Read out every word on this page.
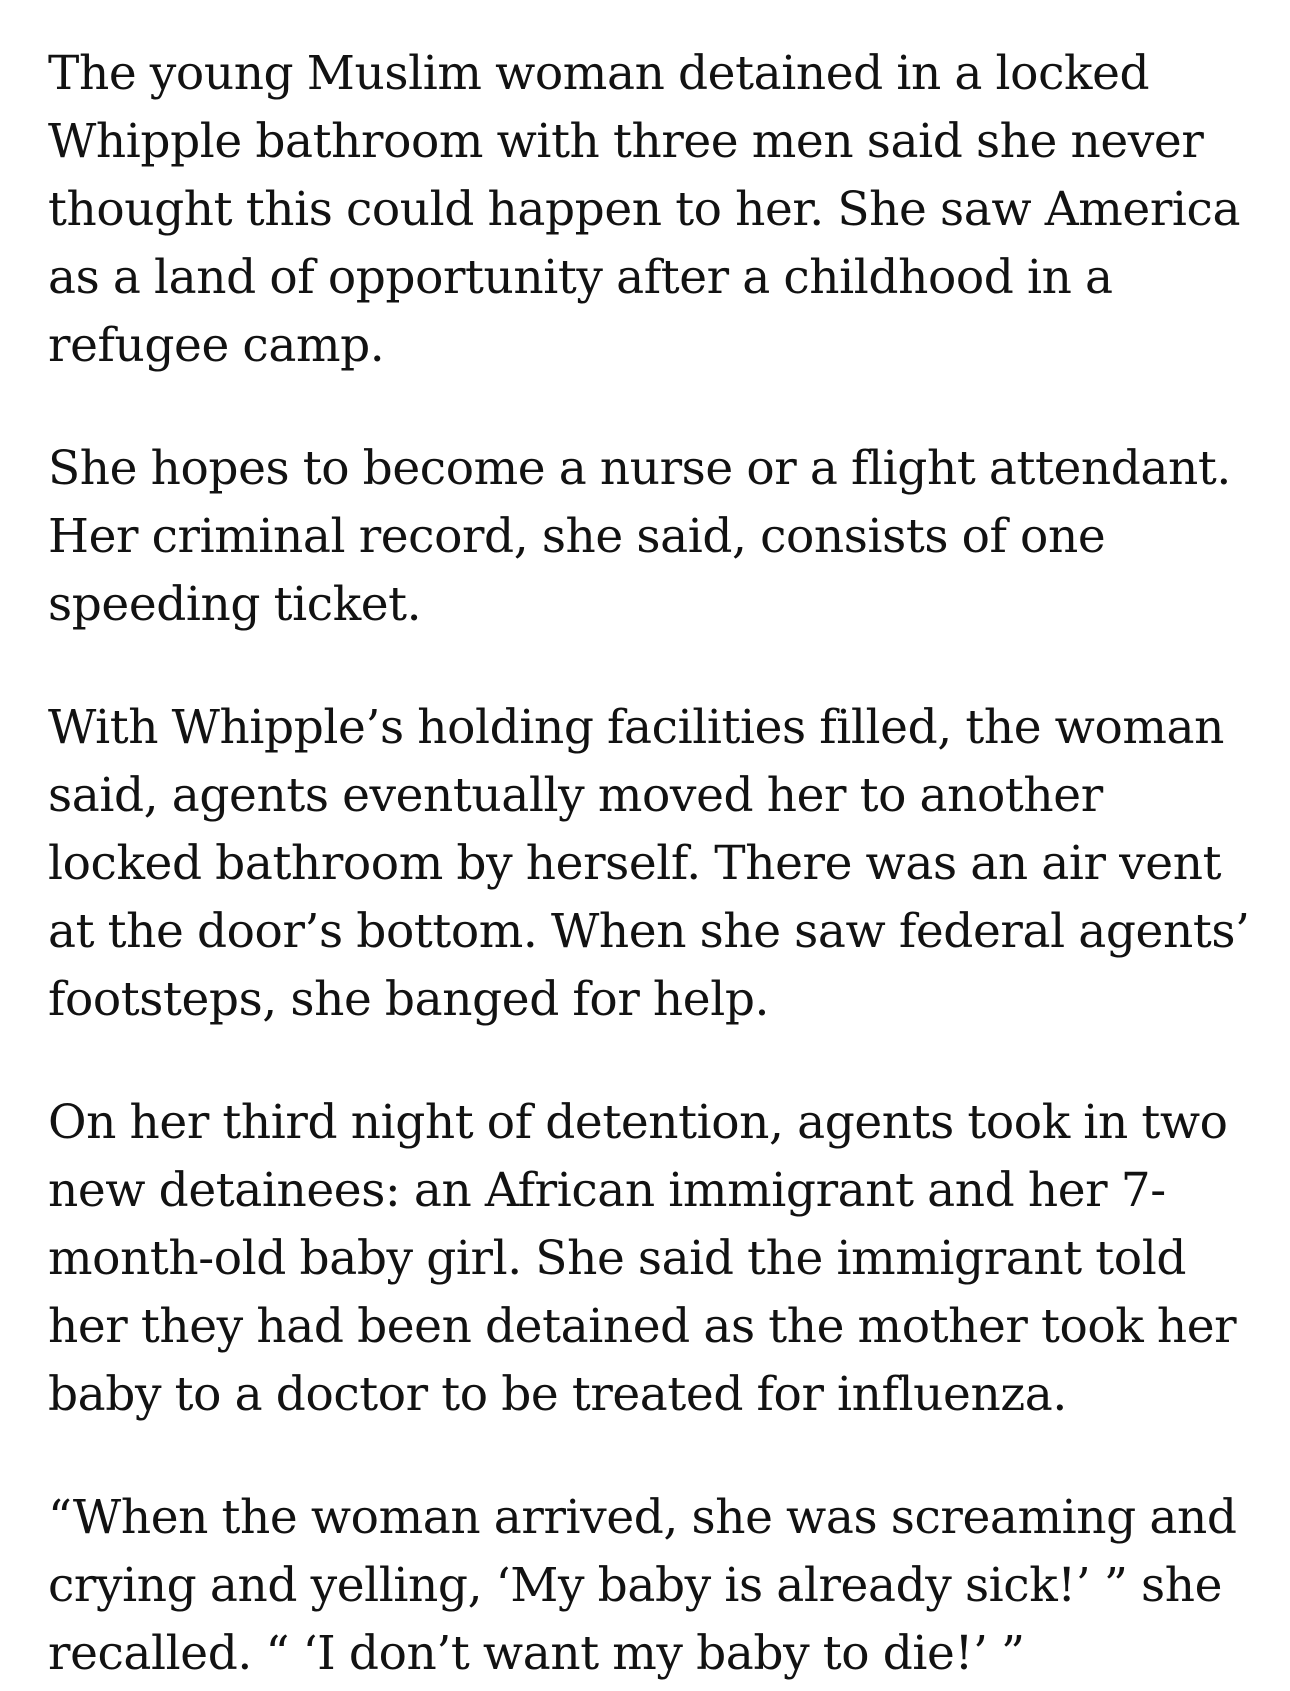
The young Muslim woman detained in a locked
Whipple bathroom with three men said she never
thought this could happen to her. She saw America
as a land of opportunity after a childhood in a
refugee camp.

She hopes to become a nurse or a flight attendant.
Her criminal record, she said, consists of one
speeding ticket.

With Whipple’s holding facilities filled, the woman
said, agents eventually moved her to another
locked bathroom by herself. There was an air vent
at the door’s bottom. When she saw federal agents’
footsteps, she banged for help.

On her third night of detention, agents took in two
new detainees: an African immigrant and her 7-
month-old baby girl. She said the immigrant told
her they had been detained as the mother took her
baby to a doctor to be treated for influenza.

“When the woman arrived, she was screaming and
crying and yelling, ‘My baby is already sick!’ ” she
recalled. “ ‘I don’t want my baby to die!’ ”
